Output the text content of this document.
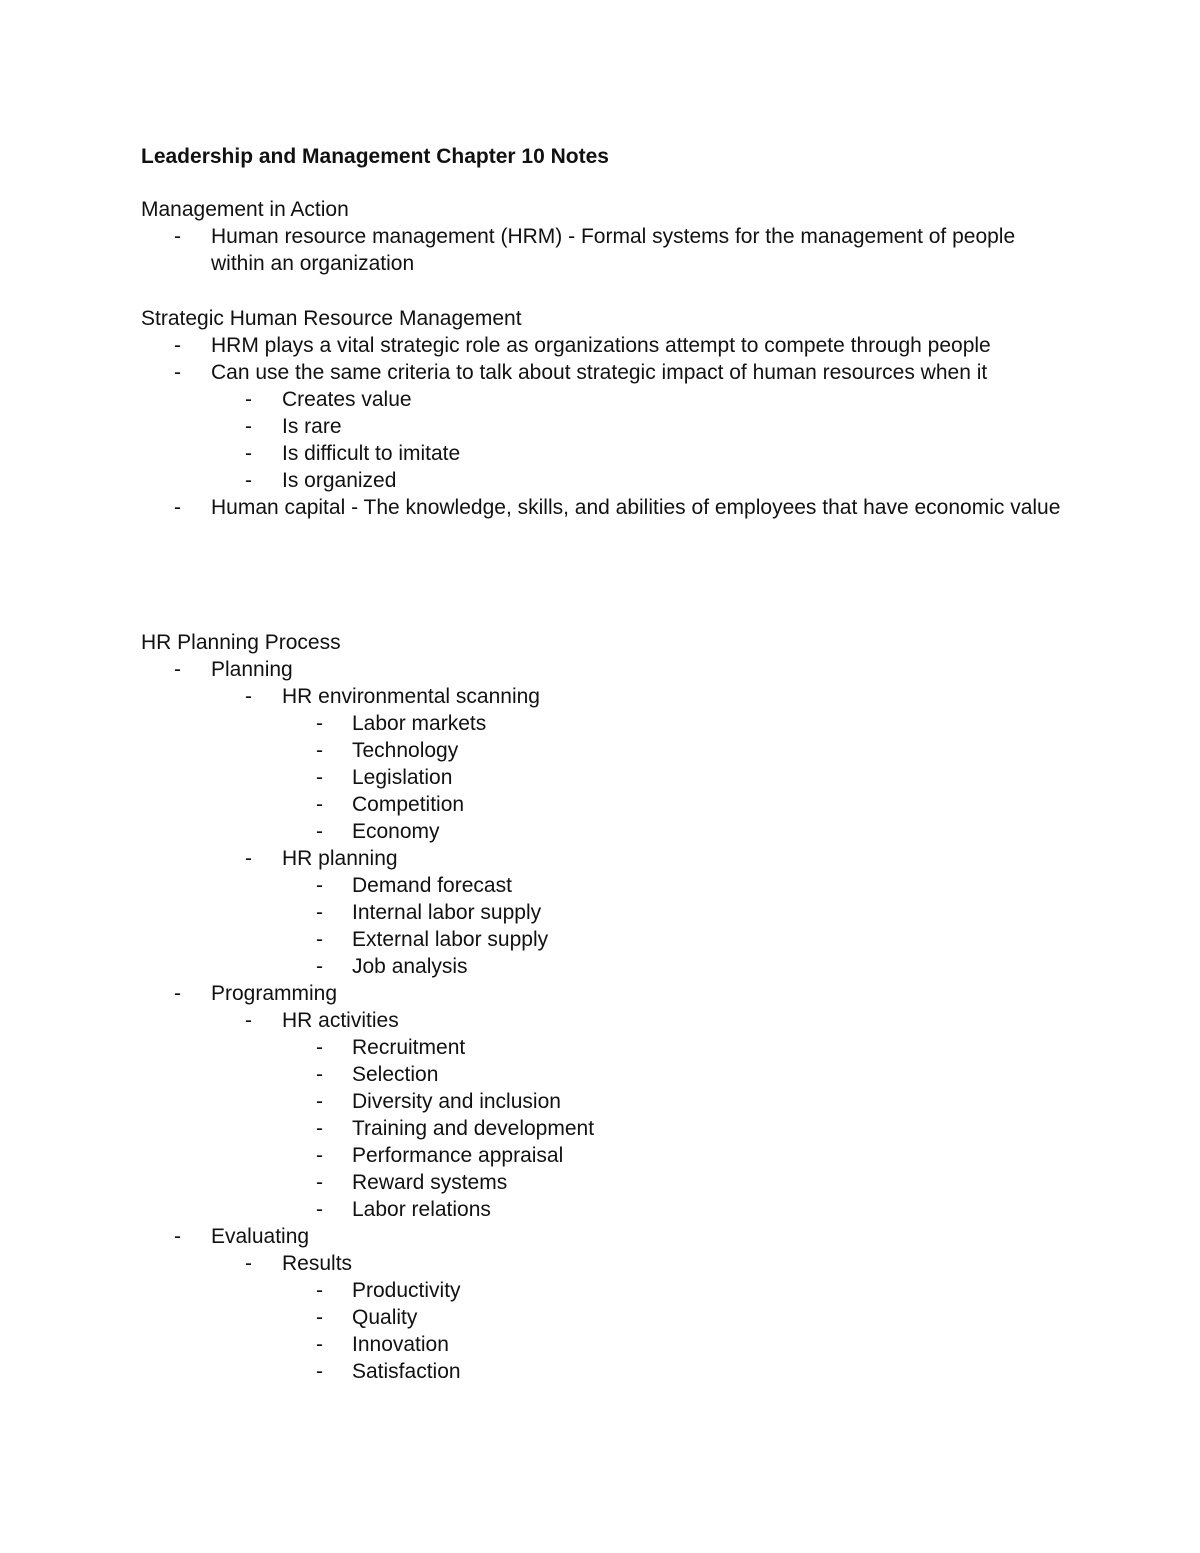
Leadership and Management Chapter 10 Notes
Management in Action
- Human resource management (HRM) - Formal systems for the management of people within an organization
Strategic Human Resource Management
- HRM plays a vital strategic role as organizations attempt to compete through people
- Can use the same criteria to talk about strategic impact of human resources when it
- Creates value
- Is rare
- Is difficult to imitate
- Is organized
- Human capital - The knowledge, skills, and abilities of employees that have economic value
HR Planning Process
- Planning
- HR environmental scanning
- Labor markets
- Technology
- Legislation
- Competition
- Economy
- HR planning
- Demand forecast
- Internal labor supply
- External labor supply
- Job analysis
- Programming
- HR activities
- Recruitment
- Selection
- Diversity and inclusion
- Training and development
- Performance appraisal
- Reward systems
- Labor relations
- Evaluating
- Results
- Productivity
- Quality
- Innovation
- Satisfaction
